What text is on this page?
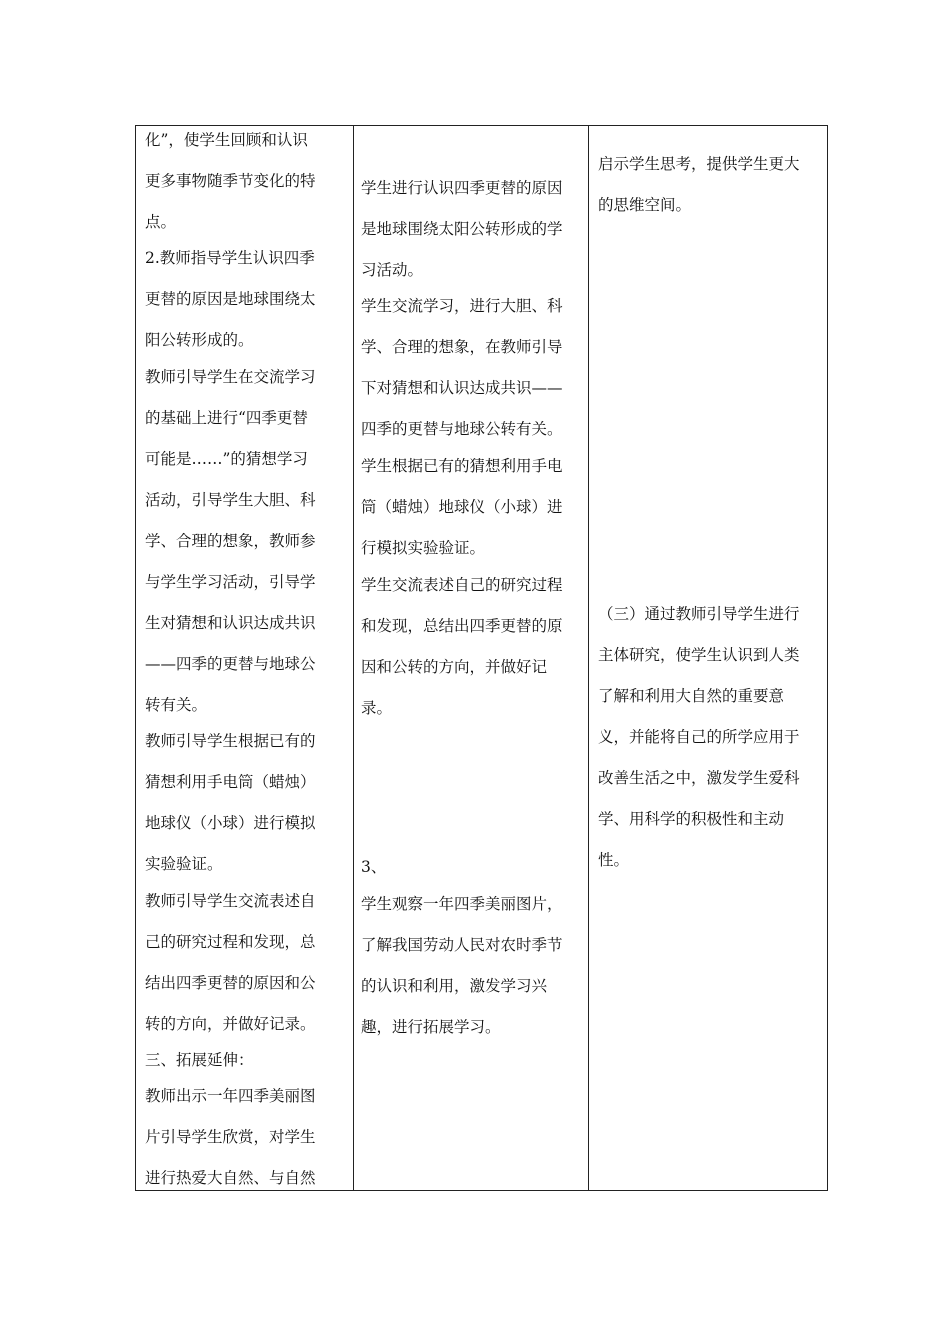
化”，使学生回顾和认识
更多事物随季节变化的特
点。
2.教师指导学生认识四季
更替的原因是地球围绕太
阳公转形成的。
教师引导学生在交流学习
的基础上进行“四季更替
可能是……”的猜想学习
活动，引导学生大胆、科
学、合理的想象，教师参
与学生学习活动，引导学
生对猜想和认识达成共识
——四季的更替与地球公
转有关。
教师引导学生根据已有的
猜想利用手电筒（蜡烛）
地球仪（小球）进行模拟
实验验证。
教师引导学生交流表述自
己的研究过程和发现，总
结出四季更替的原因和公
转的方向，并做好记录。
三、拓展延伸：
教师出示一年四季美丽图
片引导学生欣赏，对学生
进行热爱大自然、与自然
学生进行认识四季更替的原因
是地球围绕太阳公转形成的学
习活动。
学生交流学习，进行大胆、科
学、合理的想象，在教师引导
下对猜想和认识达成共识——
四季的更替与地球公转有关。
学生根据已有的猜想利用手电
筒（蜡烛）地球仪（小球）进
行模拟实验验证。
学生交流表述自己的研究过程
和发现，总结出四季更替的原
因和公转的方向，并做好记
录。
3、
学生观察一年四季美丽图片，
了解我国劳动人民对农时季节
的认识和利用，激发学习兴
趣，进行拓展学习。
启示学生思考，提供学生更大
的思维空间。
（三）通过教师引导学生进行
主体研究，使学生认识到人类
了解和利用大自然的重要意
义，并能将自己的所学应用于
改善生活之中，激发学生爱科
学、用科学的积极性和主动
性。
